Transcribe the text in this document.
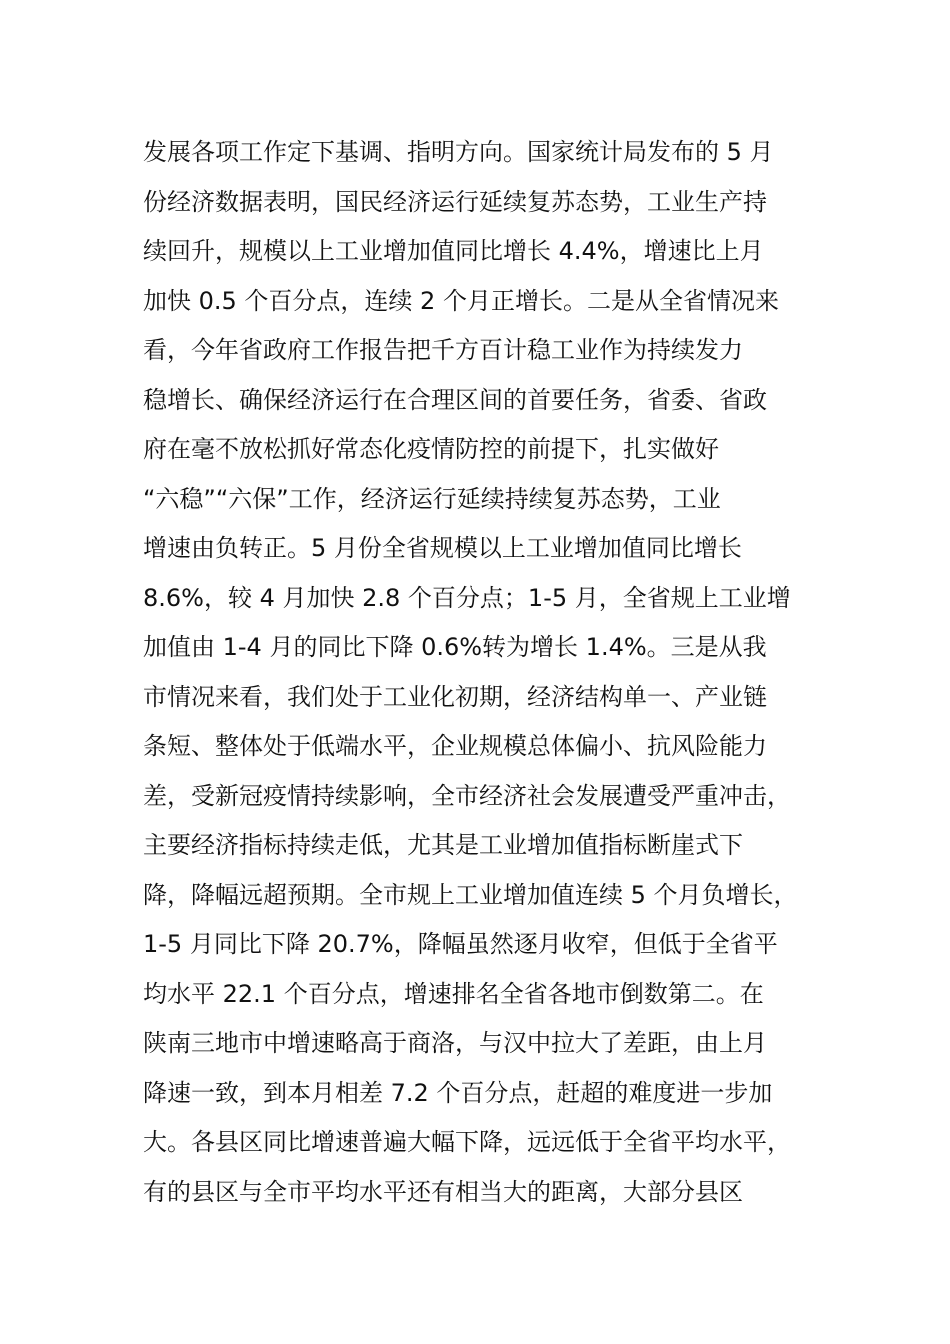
发展各项工作定下基调、指明方向。国家统计局发布的 5 月
份经济数据表明，国民经济运行延续复苏态势，工业生产持
续回升，规模以上工业增加值同比增长 4.4%，增速比上月
加快 0.5 个百分点，连续 2 个月正增长。二是从全省情况来
看，今年省政府工作报告把千方百计稳工业作为持续发力
稳增长、确保经济运行在合理区间的首要任务，省委、省政
府在毫不放松抓好常态化疫情防控的前提下，扎实做好
“六稳”“六保”工作，经济运行延续持续复苏态势，工业
增速由负转正。5 月份全省规模以上工业增加值同比增长
8.6%，较 4 月加快 2.8 个百分点；1-5 月，全省规上工业增
加值由 1-4 月的同比下降 0.6%转为增长 1.4%。三是从我
市情况来看，我们处于工业化初期，经济结构单一、产业链
条短、整体处于低端水平，企业规模总体偏小、抗风险能力
差，受新冠疫情持续影响，全市经济社会发展遭受严重冲击，
主要经济指标持续走低，尤其是工业增加值指标断崖式下
降，降幅远超预期。全市规上工业增加值连续 5 个月负增长，
1-5 月同比下降 20.7%，降幅虽然逐月收窄，但低于全省平
均水平 22.1 个百分点，增速排名全省各地市倒数第二。在
陕南三地市中增速略高于商洛，与汉中拉大了差距，由上月
降速一致，到本月相差 7.2 个百分点，赶超的难度进一步加
大。各县区同比增速普遍大幅下降，远远低于全省平均水平，
有的县区与全市平均水平还有相当大的距离，大部分县区
